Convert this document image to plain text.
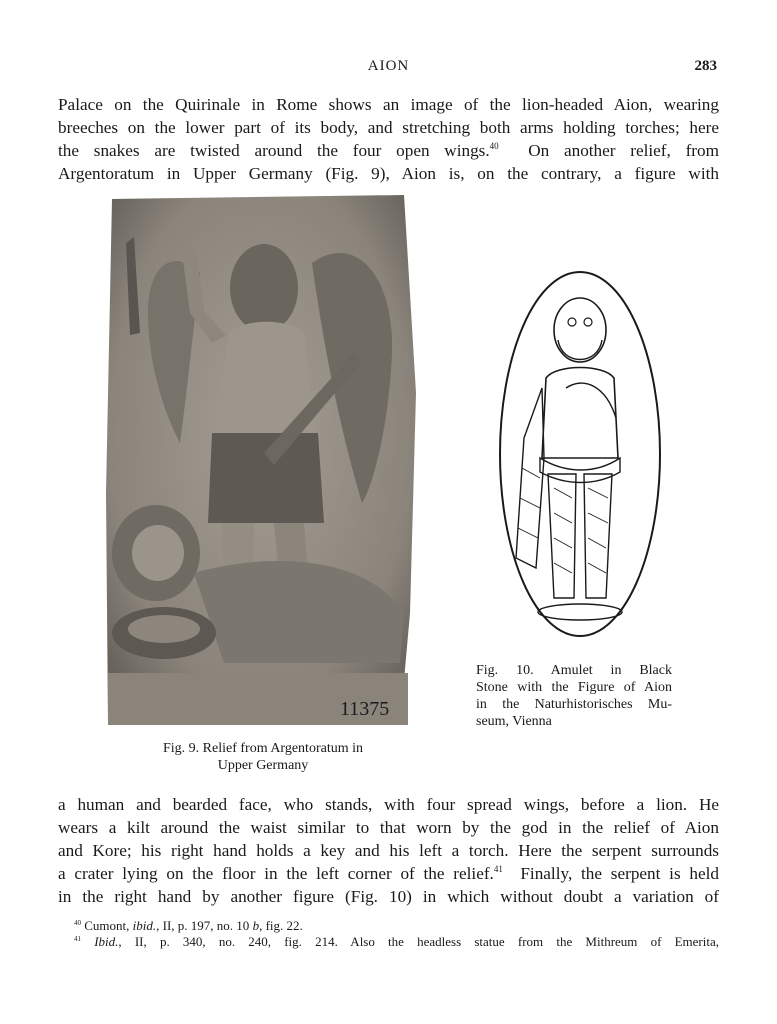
AION	283
Palace on the Quirinale in Rome shows an image of the lion-headed Aion, wearing
breeches on the lower part of its body, and stretching both arms holding torches; here
the snakes are twisted around the four open wings.$^{40}$ On another relief, from
Argentoratum in Upper Germany (Fig. 9), Aion is, on the contrary, a figure with
11375
Fig. 10. Amulet in Black
Stone with the Figure of Aion
in the Naturhistorisches Mu-
seum, Vienna
Fig. 9. Relief from Argentoratum in
Upper Germany
a human and bearded face, who stands, with four spread wings, before a lion. He
wears a kilt around the waist similar to that worn by the god in the relief of Aion
and Kore; his right hand holds a key and his left a torch. Here the serpent surrounds
a crater lying on the floor in the left corner of the relief.$^{41}$ Finally, the serpent is held
in the right hand by another figure (Fig. 10) in which without doubt a variation of
$^{40}$ Cumont, ibid., II, p. 197, no. 10 b, fig. 22.
$^{41}$ Ibid., II, p. 340, no. 240, fig. 214. Also the headless statue from the Mithreum of Emerita,
